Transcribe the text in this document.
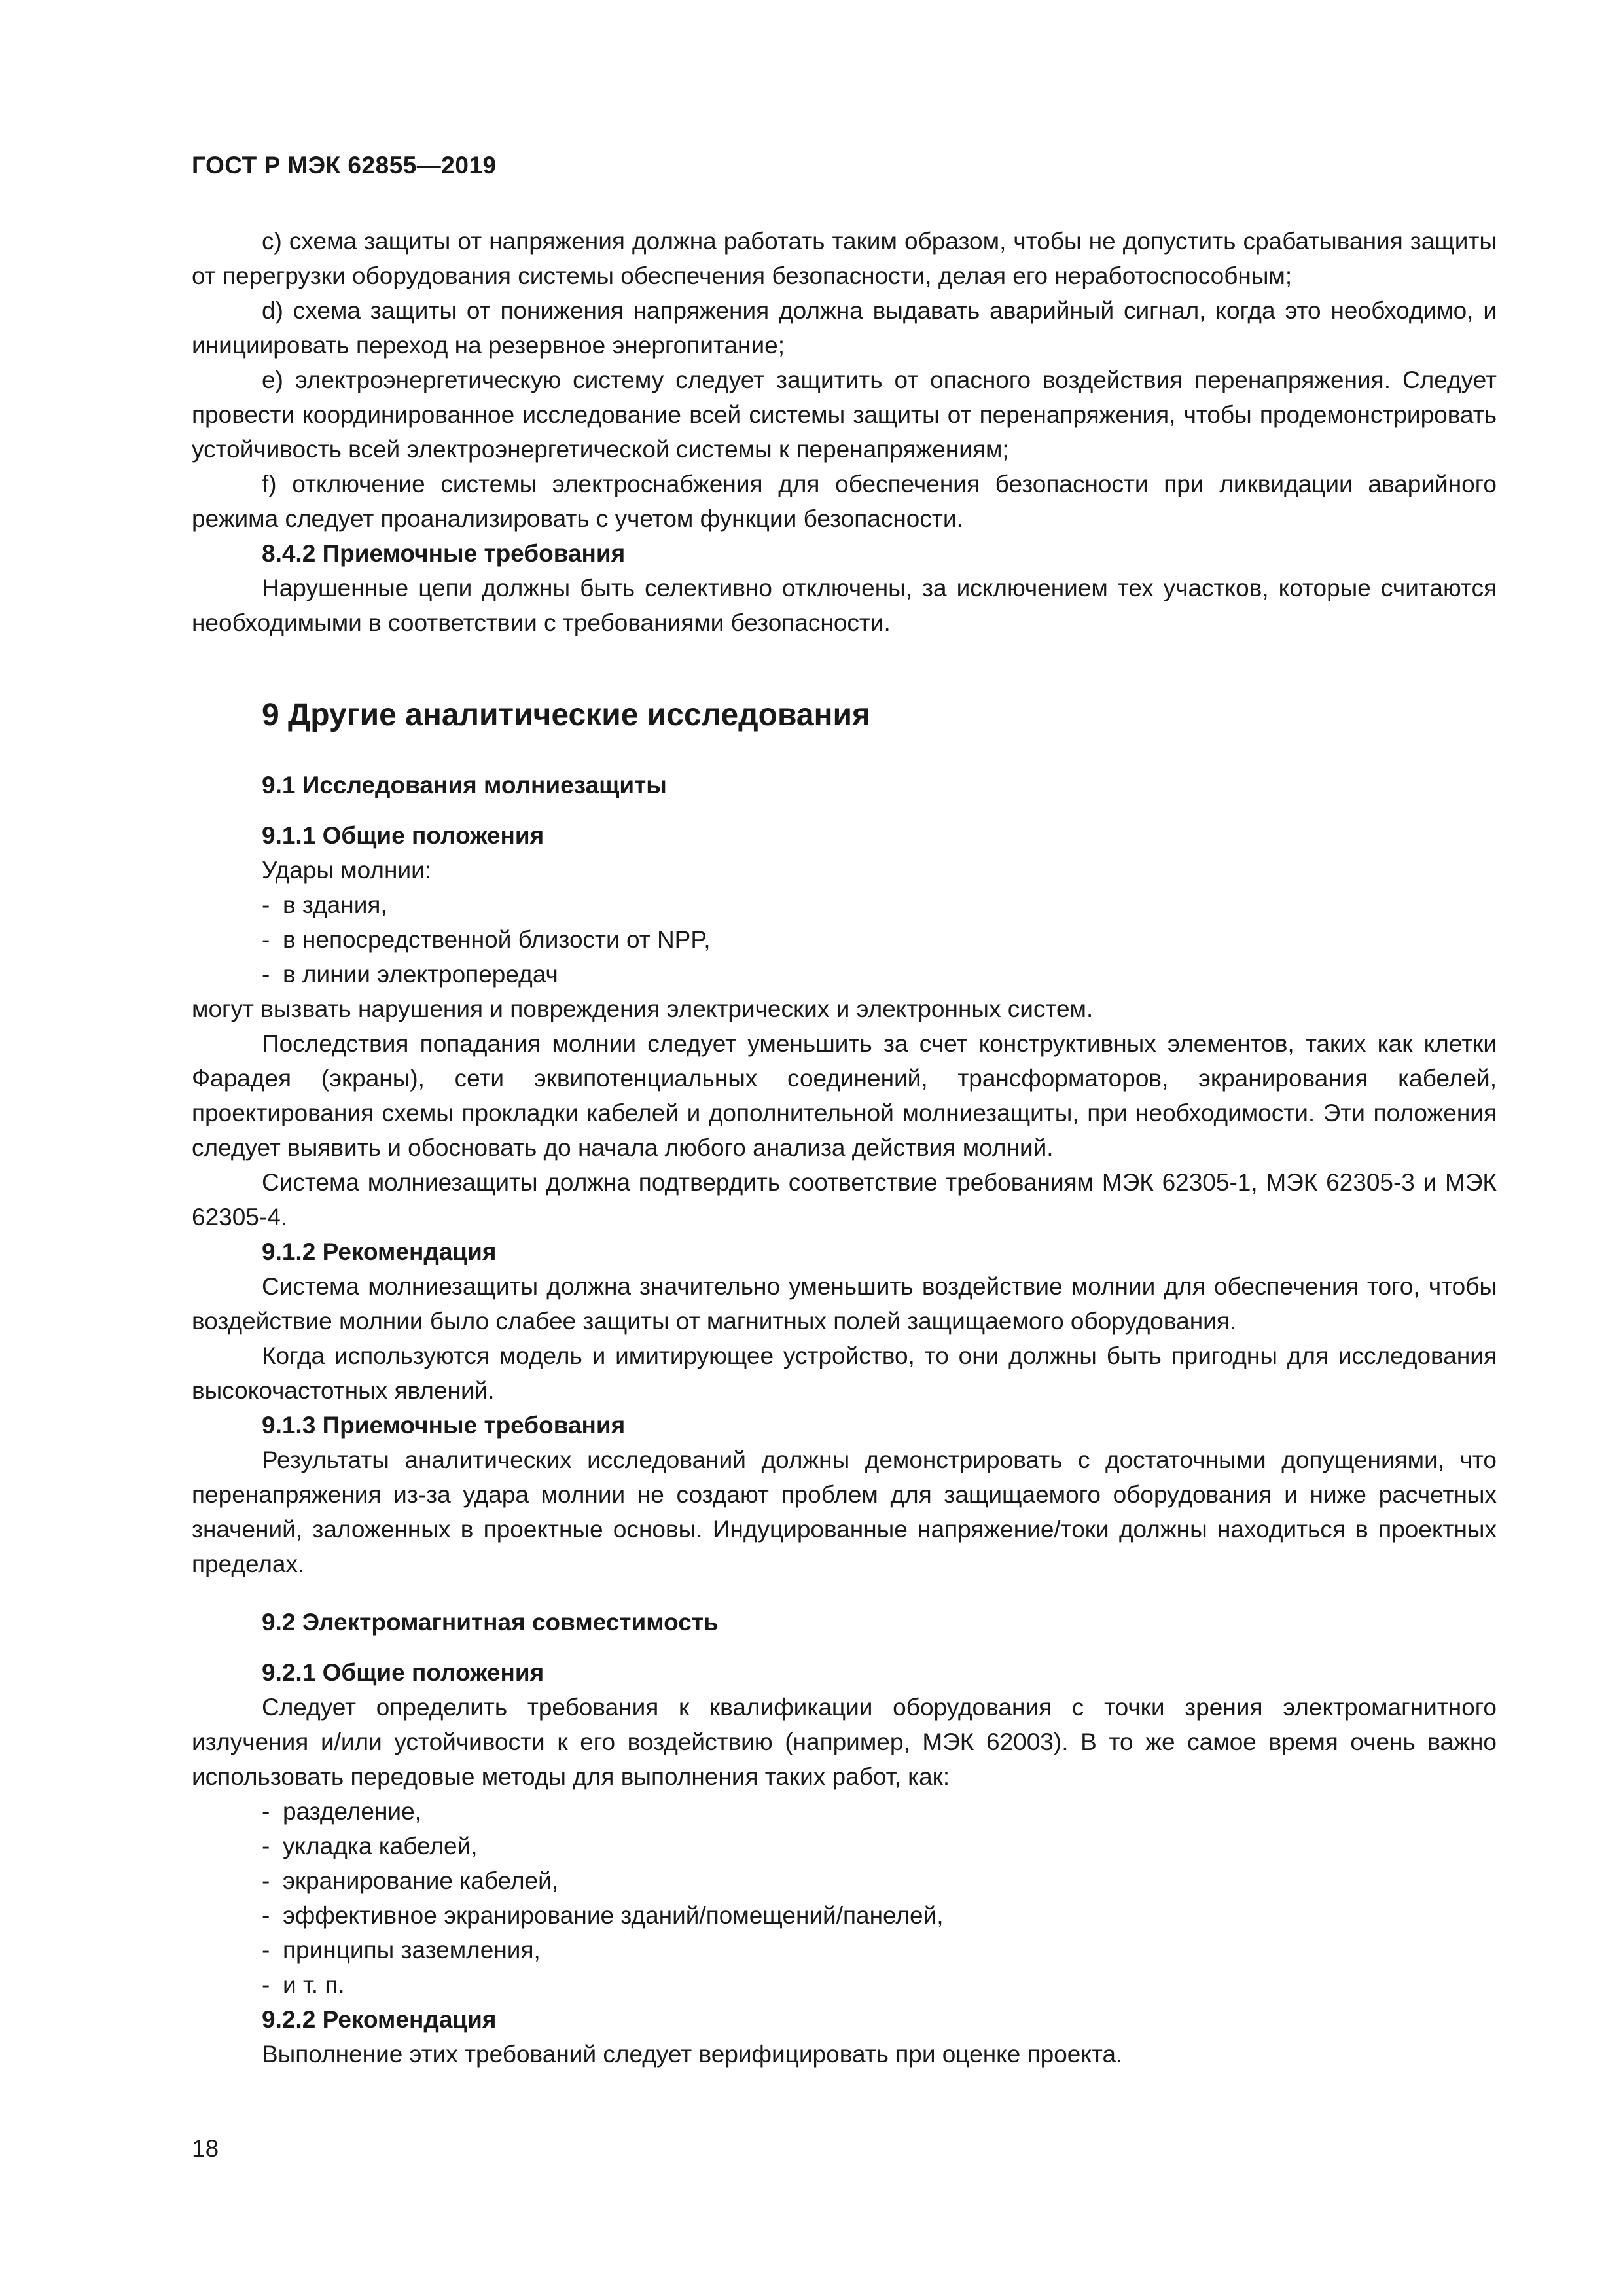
ГОСТ Р МЭК 62855—2019

c) схема защиты от напряжения должна работать таким образом, чтобы не допустить срабатывания защиты от перегрузки оборудования системы обеспечения безопасности, делая его неработоспособным;

d) схема защиты от понижения напряжения должна выдавать аварийный сигнал, когда это необходимо, и инициировать переход на резервное энергопитание;

e) электроэнергетическую систему следует защитить от опасного воздействия перенапряжения. Следует провести координированное исследование всей системы защиты от перенапряжения, чтобы продемонстрировать устойчивость всей электроэнергетической системы к перенапряжениям;

f) отключение системы электроснабжения для обеспечения безопасности при ликвидации аварийного режима следует проанализировать с учетом функции безопасности.

8.4.2 Приемочные требования

Нарушенные цепи должны быть селективно отключены, за исключением тех участков, которые считаются необходимыми в соответствии с требованиями безопасности.

9 Другие аналитические исследования
9.1 Исследования молниезащиты

9.1.1 Общие положения

Удары молнии:

- в здания,
- в непосредственной близости от NPP,
- в линии электропередач

могут вызвать нарушения и повреждения электрических и электронных систем.

Последствия попадания молнии следует уменьшить за счет конструктивных элементов, таких как клетки Фарадея (экраны), сети эквипотенциальных соединений, трансформаторов, экранирования кабелей, проектирования схемы прокладки кабелей и дополнительной молниезащиты, при необходимости. Эти положения следует выявить и обосновать до начала любого анализа действия молний.

Система молниезащиты должна подтвердить соответствие требованиям МЭК 62305-1, МЭК 62305-3 и МЭК 62305-4.

9.1.2 Рекомендация

Система молниезащиты должна значительно уменьшить воздействие молнии для обеспечения того, чтобы воздействие молнии было слабее защиты от магнитных полей защищаемого оборудования.

Когда используются модель и имитирующее устройство, то они должны быть пригодны для исследования высокочастотных явлений.

9.1.3 Приемочные требования

Результаты аналитических исследований должны демонстрировать с достаточными допущениями, что перенапряжения из-за удара молнии не создают проблем для защищаемого оборудования и ниже расчетных значений, заложенных в проектные основы. Индуцированные напряжение/токи должны находиться в проектных пределах.

9.2 Электромагнитная совместимость

9.2.1 Общие положения

Следует определить требования к квалификации оборудования с точки зрения электромагнитного излучения и/или устойчивости к его воздействию (например, МЭК 62003). В то же самое время очень важно использовать передовые методы для выполнения таких работ, как:

- разделение,
- укладка кабелей,
- экранирование кабелей,
- эффективное экранирование зданий/помещений/панелей,
- принципы заземления,
- и т. п.

9.2.2 Рекомендация

Выполнение этих требований следует верифицировать при оценке проекта.

18
